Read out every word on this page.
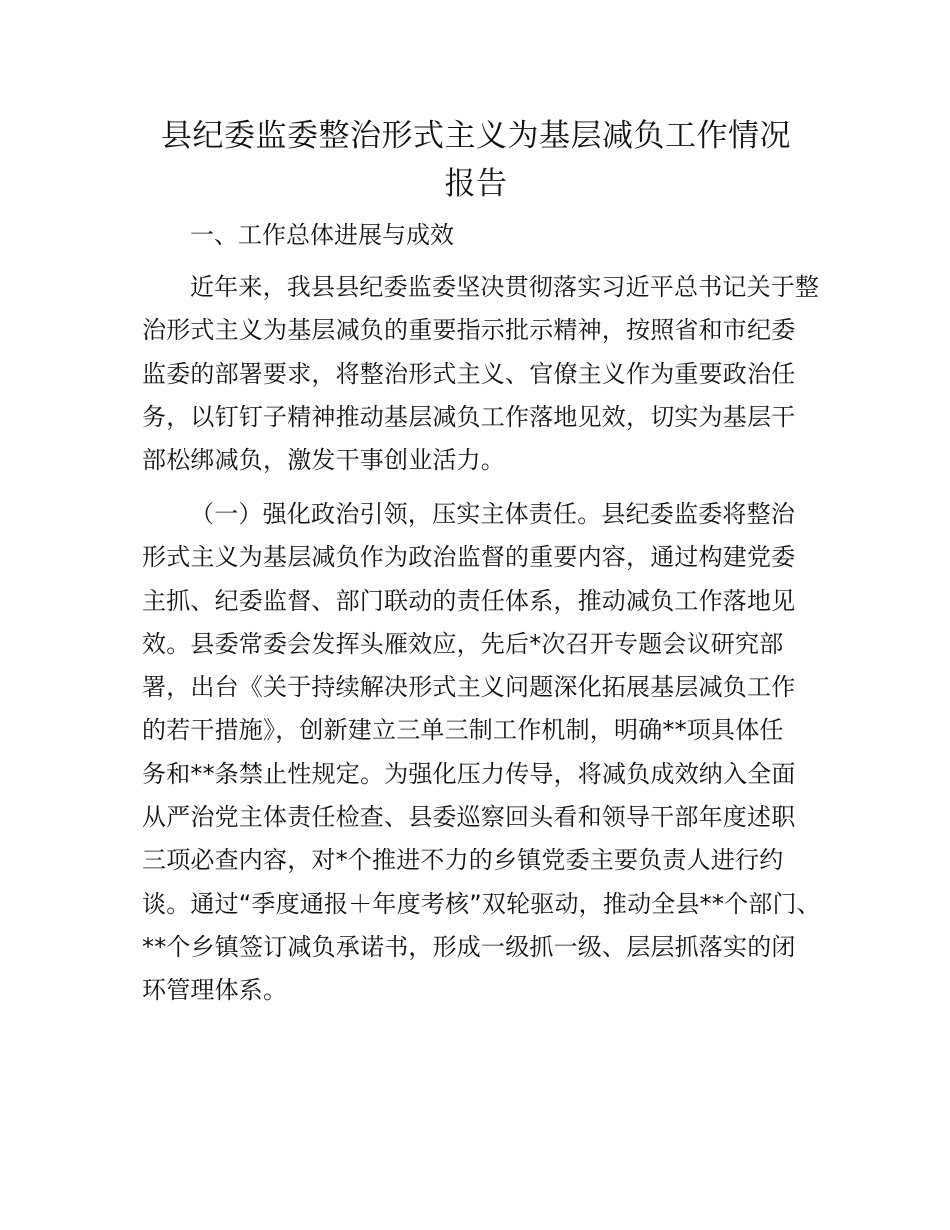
县纪委监委整治形式主义为基层减负工作情况
报告

一、工作总体进展与成效

近年来，我县县纪委监委坚决贯彻落实习近平总书记关于整
治形式主义为基层减负的重要指示批示精神，按照省和市纪委
监委的部署要求，将整治形式主义、官僚主义作为重要政治任
务，以钉钉子精神推动基层减负工作落地见效，切实为基层干
部松绑减负，激发干事创业活力。

（一）强化政治引领，压实主体责任。县纪委监委将整治
形式主义为基层减负作为政治监督的重要内容，通过构建党委
主抓、纪委监督、部门联动的责任体系，推动减负工作落地见
效。县委常委会发挥头雁效应，先后*次召开专题会议研究部
署，出台《关于持续解决形式主义问题深化拓展基层减负工作
的若干措施》，创新建立三单三制工作机制，明确**项具体任
务和**条禁止性规定。为强化压力传导，将减负成效纳入全面
从严治党主体责任检查、县委巡察回头看和领导干部年度述职
三项必查内容，对*个推进不力的乡镇党委主要负责人进行约
谈。通过“季度通报＋年度考核”双轮驱动，推动全县**个部门、
**个乡镇签订减负承诺书，形成一级抓一级、层层抓落实的闭
环管理体系。
